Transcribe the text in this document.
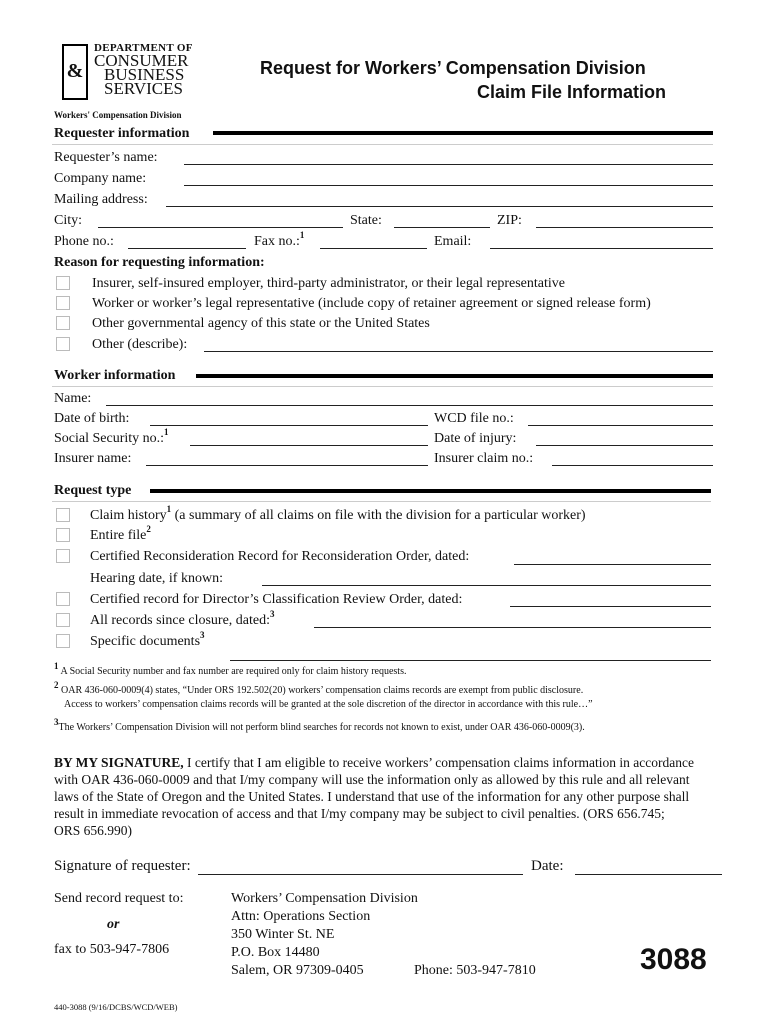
&
DEPARTMENT OF
CONSUMER
BUSINESS
SERVICES
Workers' Compensation Division
Request for Workers’ Compensation Division
Claim File Information
Requester information
Requester’s name:
Company name:
Mailing address:
City:	State:	ZIP:
Phone no.:	Fax no.:$^1$	Email:
Reason for requesting information:
Insurer, self-insured employer, third-party administrator, or their legal representative
Worker or worker’s legal representative (include copy of retainer agreement or signed release form)
Other governmental agency of this state or the United States
Other (describe):
Worker information
Name:
Date of birth:	WCD file no.:
Social Security no.:$^1$	Date of injury:
Insurer name:	Insurer claim no.:
Request type
Claim history$^1$ (a summary of all claims on file with the division for a particular worker)
Entire file$^2$
Certified Reconsideration Record for Reconsideration Order, dated:
Hearing date, if known:
Certified record for Director’s Classification Review Order, dated:
All records since closure, dated:$^3$
Specific documents$^3$
$^1$ A Social Security number and fax number are required only for claim history requests.
$^2$ OAR 436-060-0009(4) states, “Under ORS 192.502(20) workers’ compensation claims records are exempt from public disclosure.
Access to workers’ compensation claims records will be granted at the sole discretion of the director in accordance with this rule…”
$^3$The Workers’ Compensation Division will not perform blind searches for records not known to exist, under OAR 436-060-0009(3).
BY MY SIGNATURE, I certify that I am eligible to receive workers’ compensation claims information in accordance
with OAR 436-060-0009 and that I/my company will use the information only as allowed by this rule and all relevant
laws of the State of Oregon and the United States. I understand that use of the information for any other purpose shall
result in immediate revocation of access and that I/my company may be subject to civil penalties. (ORS 656.745;
ORS 656.990)
Signature of requester:	Date:
Send record request to:
or
fax to 503-947-7806
Workers’ Compensation Division
Attn: Operations Section
350 Winter St. NE
P.O. Box 14480
Salem, OR 97309-0405	Phone: 503-947-7810	3088
440-3088 (9/16/DCBS/WCD/WEB)
